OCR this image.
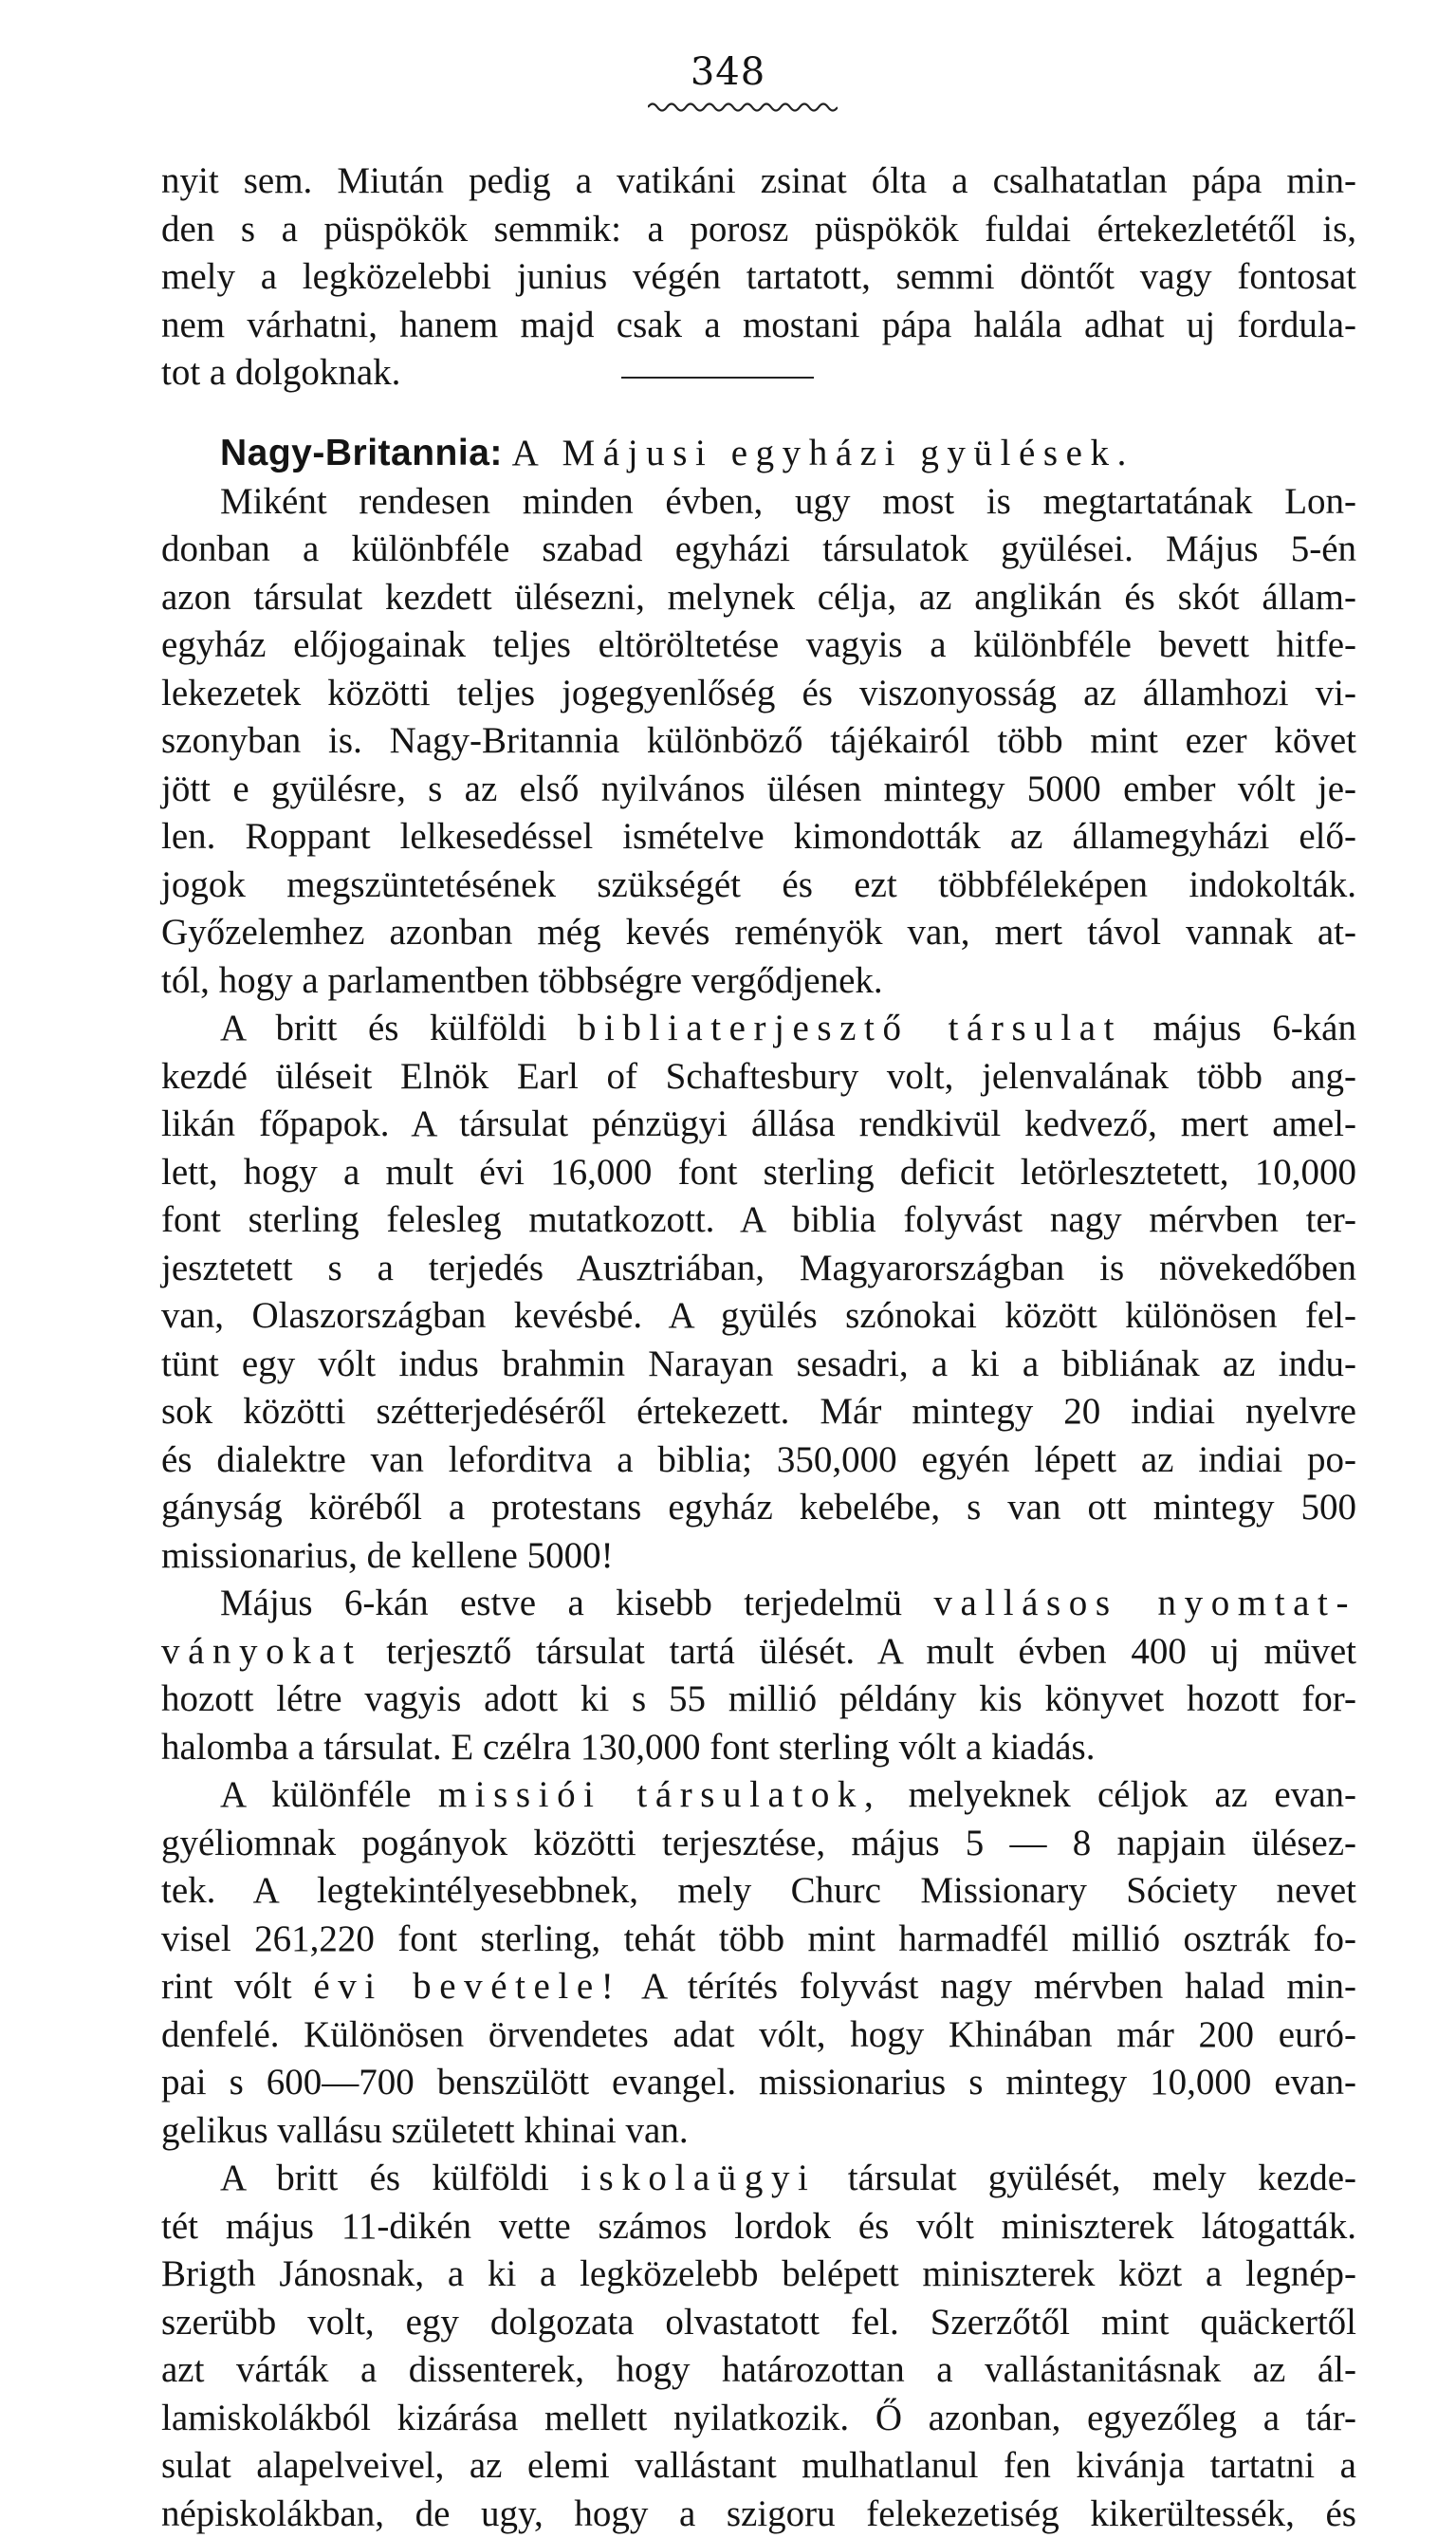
348
nyit sem. Miután pedig a vatikáni zsinat ólta a csalhatatlan pápa min-
den s a püspökök semmik: a porosz püspökök fuldai értekezletétől is,
mely a legközelebbi junius végén tartatott, semmi döntőt vagy fontosat
nem várhatni, hanem majd csak a mostani pápa halála adhat uj fordula-
tot a dolgoknak.
Nagy-Britannia: A Májusi egyházi gyülések.
Miként rendesen minden évben, ugy most is megtartatának Lon-
donban a különbféle szabad egyházi társulatok gyülései. Május 5-én
azon társulat kezdett ülésezni, melynek célja, az anglikán és skót állam-
egyház előjogainak teljes eltöröltetése vagyis a különbféle bevett hitfe-
lekezetek közötti teljes jogegyenlőség és viszonyosság az államhozi vi-
szonyban is. Nagy-Britannia különböző tájékairól több mint ezer követ
jött e gyülésre, s az első nyilvános ülésen mintegy 5000 ember vólt je-
len. Roppant lelkesedéssel ismételve kimondották az államegyházi elő-
jogok megszüntetésének szükségét és ezt többféleképen indokolták.
Győzelemhez azonban még kevés reményök van, mert távol vannak at-
tól, hogy a parlamentben többségre vergődjenek.
A britt és külföldi bibliaterjesztő társulat május 6-kán
kezdé üléseit Elnök Earl of Schaftesbury volt, jelenvalának több ang-
likán főpapok. A társulat pénzügyi állása rendkivül kedvező, mert amel-
lett, hogy a mult évi 16,000 font sterling deficit letörlesztetett, 10,000
font sterling felesleg mutatkozott. A biblia folyvást nagy mérvben ter-
jesztetett s a terjedés Ausztriában, Magyarországban is növekedőben
van, Olaszországban kevésbé. A gyülés szónokai között különösen fel-
tünt egy vólt indus brahmin Narayan sesadri, a ki a bibliának az indu-
sok közötti szétterjedéséről értekezett. Már mintegy 20 indiai nyelvre
és dialektre van leforditva a biblia; 350,000 egyén lépett az indiai po-
gányság köréből a protestans egyház kebelébe, s van ott mintegy 500
missionarius, de kellene 5000!
Május 6-kán estve a kisebb terjedelmü vallásos nyomtat-
ványokat terjesztő társulat tartá ülését. A mult évben 400 uj müvet
hozott létre vagyis adott ki s 55 millió példány kis könyvet hozott for-
halomba a társulat. E czélra 130,000 font sterling vólt a kiadás.
A különféle missiói társulatok, melyeknek céljok az evan-
gyéliomnak pogányok közötti terjesztése, május 5 — 8 napjain ülésez-
tek. A legtekintélyesebbnek, mely Churc Missionary Sóciety nevet
visel 261,220 font sterling, tehát több mint harmadfél millió osztrák fo-
rint vólt évi bevétele! A térítés folyvást nagy mérvben halad min-
denfelé. Különösen örvendetes adat vólt, hogy Khinában már 200 euró-
pai s 600—700 benszülött evangel. missionarius s mintegy 10,000 evan-
gelikus vallásu született khinai van.
A britt és külföldi iskolaügyi társulat gyülését, mely kezde-
tét május 11-dikén vette számos lordok és vólt miniszterek látogatták.
Brigth Jánosnak, a ki a legközelebb belépett miniszterek közt a legnép-
szerübb volt, egy dolgozata olvastatott fel. Szerzőtől mint quäckertől
azt várták a dissenterek, hogy határozottan a vallástanitásnak az ál-
lamiskolákból kizárása mellett nyilatkozik. Ő azonban, egyezőleg a tár-
sulat alapelveivel, az elemi vallástant mulhatlanul fen kivánja tartatni a
népiskolákban, de ugy, hogy a szigoru felekezetiség kikerültessék, és
